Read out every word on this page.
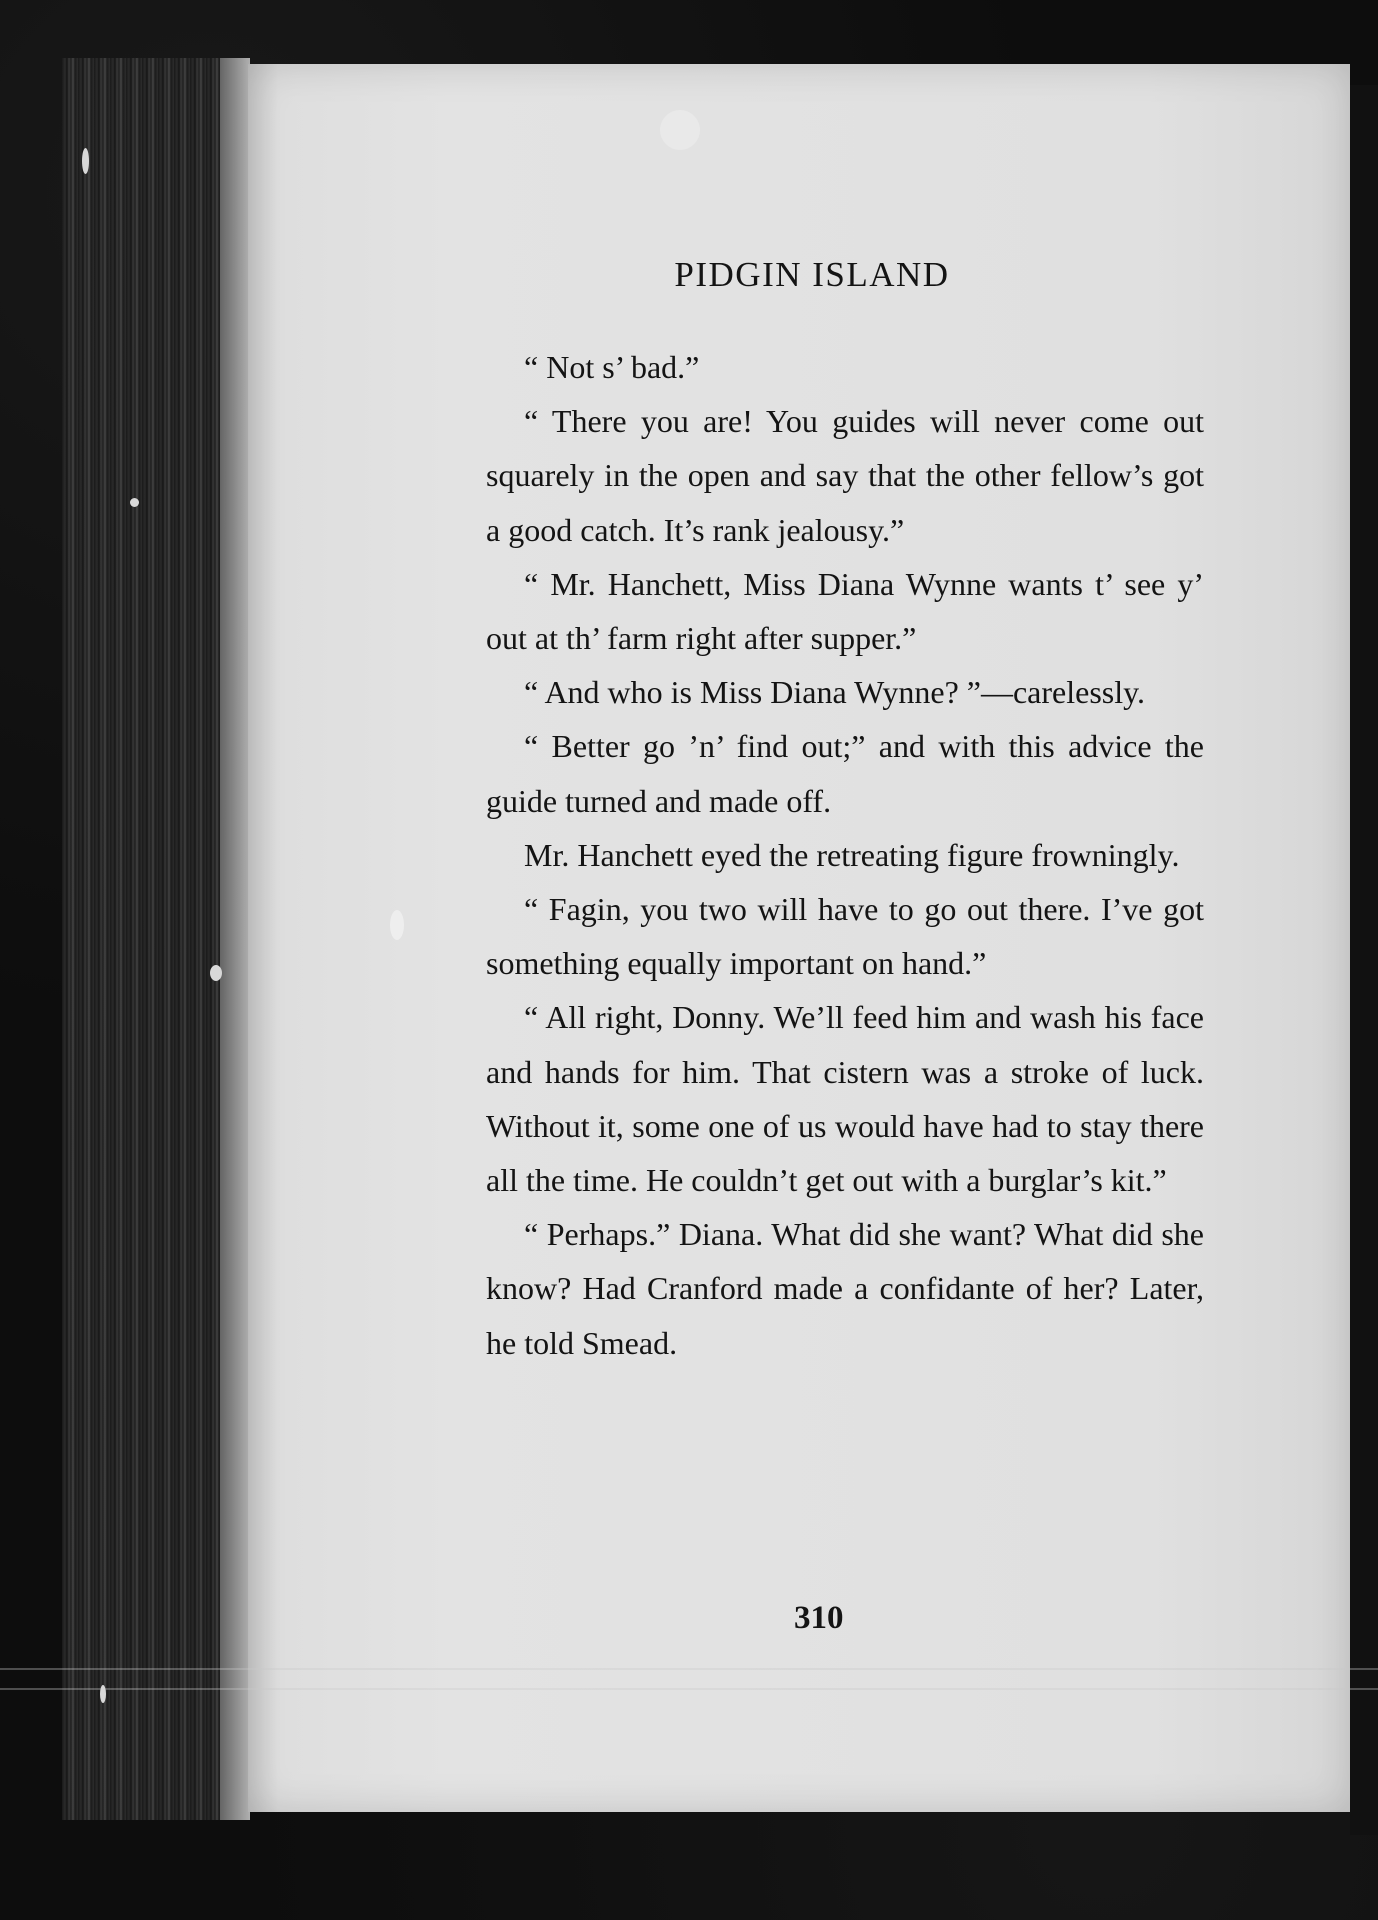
PIDGIN ISLAND

“ Not s’ bad.”

“ There you are! You guides will never come out squarely in the open and say that the other fellow’s got a good catch. It’s rank jealousy.”

“ Mr. Hanchett, Miss Diana Wynne wants t’ see y’ out at th’ farm right after supper.”

“ And who is Miss Diana Wynne? ”—carelessly.

“ Better go ’n’ find out;” and with this advice the guide turned and made off.

Mr. Hanchett eyed the retreating figure frowningly.

“ Fagin, you two will have to go out there. I’ve got something equally important on hand.”

“ All right, Donny. We’ll feed him and wash his face and hands for him. That cistern was a stroke of luck. Without it, some one of us would have had to stay there all the time. He couldn’t get out with a burglar’s kit.”

“ Perhaps.” Diana. What did she want? What did she know? Had Cranford made a confidante of her? Later, he told Smead.

310
